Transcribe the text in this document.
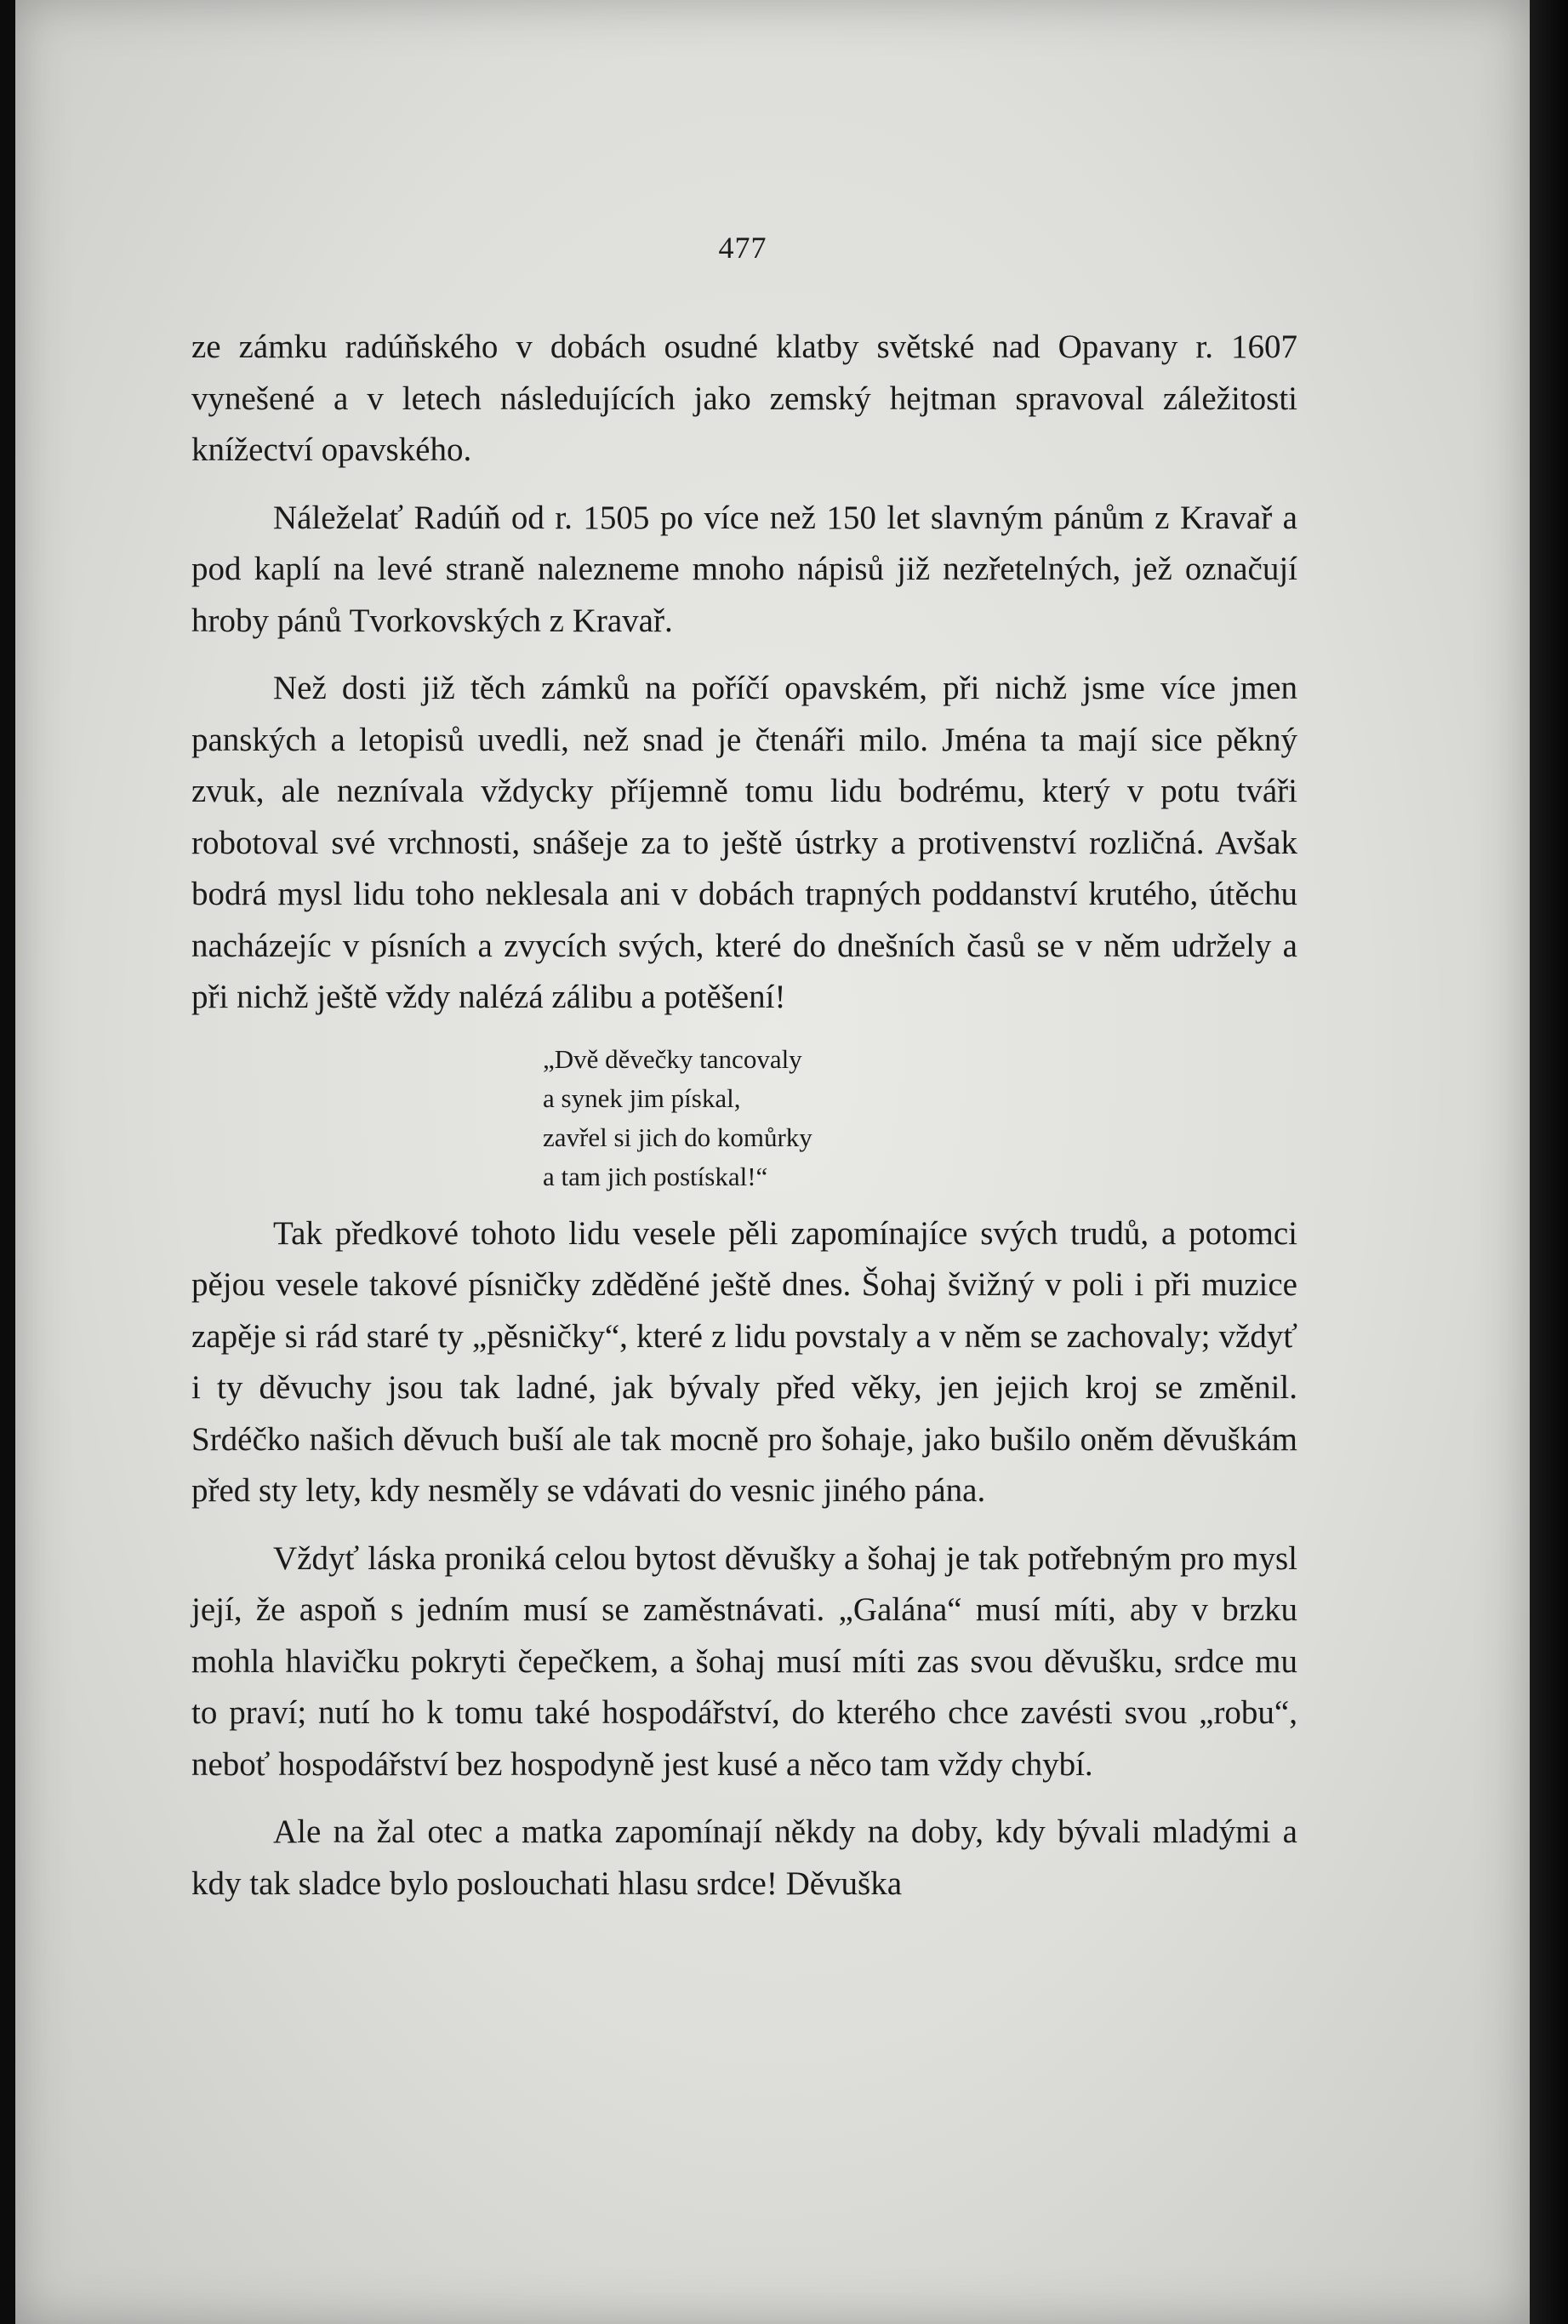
477

ze zámku radúňského v dobách osudné klatby světské nad Opavany r. 1607 vynešené a v letech následujících jako zemský hejtman spravoval záležitosti knížectví opavského.

Náleželať Radúň od r. 1505 po více než 150 let slavným pánům z Kravař a pod kaplí na levé straně nalezneme mnoho nápisů již nezřetelných, jež označují hroby pánů Tvorkovských z Kravař.

Než dosti již těch zámků na poříčí opavském, při nichž jsme více jmen panských a letopisů uvedli, než snad je čtenáři milo. Jména ta mají sice pěkný zvuk, ale neznívala vždycky příjemně tomu lidu bodrému, který v potu tváři robotoval své vrchnosti, snášeje za to ještě ústrky a protivenství rozličná. Avšak bodrá mysl lidu toho neklesala ani v dobách trapných poddanství krutého, útěchu nacházejíc v písních a zvycích svých, které do dnešních časů se v něm udržely a při nichž ještě vždy nalézá zálibu a potěšení!

„Dvě děvečky tancovaly
a synek jim pískal,
zavřel si jich do komůrky
a tam jich postískal!“

Tak předkové tohoto lidu vesele pěli zapomínajíce svých trudů, a potomci pějou vesele takové písničky zděděné ještě dnes. Šohaj švižný v poli i při muzice zapěje si rád staré ty „pěsničky“, které z lidu povstaly a v něm se zachovaly; vždyť i ty děvuchy jsou tak ladné, jak bývaly před věky, jen jejich kroj se změnil. Srdéčko našich děvuch buší ale tak mocně pro šohaje, jako bušilo oněm děvuškám před sty lety, kdy nesměly se vdávati do vesnic jiného pána.

Vždyť láska proniká celou bytost děvušky a šohaj je tak potřebným pro mysl její, že aspoň s jedním musí se zaměstnávati. „Galána“ musí míti, aby v brzku mohla hlavičku pokryti čepečkem, a šohaj musí míti zas svou děvušku, srdce mu to praví; nutí ho k tomu také hospodářství, do kterého chce zavésti svou „robu“, neboť hospodářství bez hospodyně jest kusé a něco tam vždy chybí.

Ale na žal otec a matka zapomínají někdy na doby, kdy bývali mladými a kdy tak sladce bylo poslouchati hlasu srdce! Děvuška
